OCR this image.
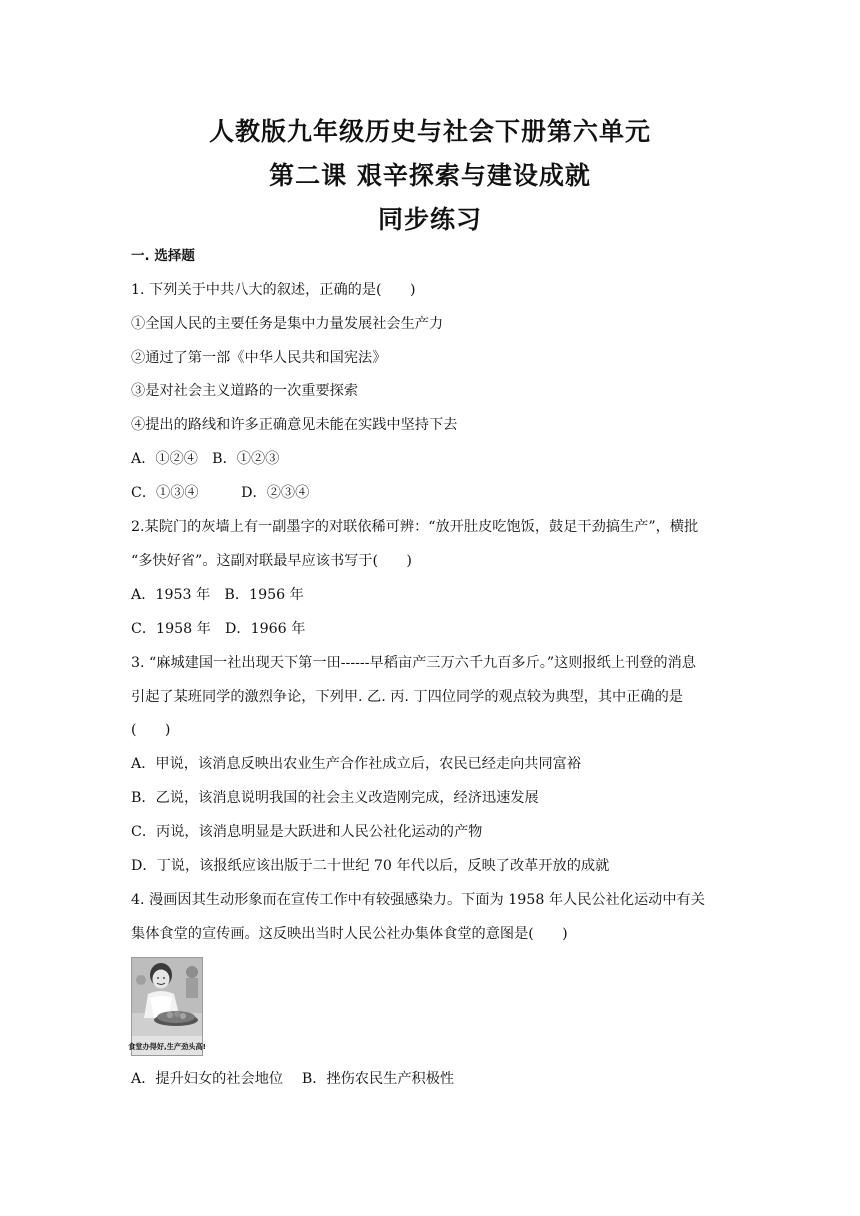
人教版九年级历史与社会下册第六单元
第二课 艰辛探索与建设成就
同步练习
一. 选择题
1. 下列关于中共八大的叙述，正确的是(　　)
①全国人民的主要任务是集中力量发展社会生产力
②通过了第一部《中华人民共和国宪法》
③是对社会主义道路的一次重要探索
④提出的路线和许多正确意见未能在实践中坚持下去
A．①②④　B．①②③
C．①③④　　　D．②③④
2.某院门的灰墙上有一副墨字的对联依稀可辨：“放开肚皮吃饱饭，鼓足干劲搞生产”，横批
“多快好省”。这副对联最早应该书写于(　　)
A．1953 年　B．1956 年
C．1958 年　D．1966 年
3. “麻城建国一社出现天下第一田------早稻亩产三万六千九百多斤。”这则报纸上刊登的消息
引起了某班同学的激烈争论，下列甲. 乙. 丙. 丁四位同学的观点较为典型，其中正确的是
(　　)
A．甲说，该消息反映出农业生产合作社成立后，农民已经走向共同富裕
B．乙说，该消息说明我国的社会主义改造刚完成，经济迅速发展
C．丙说，该消息明显是大跃进和人民公社化运动的产物
D．丁说，该报纸应该出版于二十世纪 70 年代以后，反映了改革开放的成就
4. 漫画因其生动形象而在宣传工作中有较强感染力。下面为 1958 年人民公社化运动中有关
集体食堂的宣传画。这反映出当时人民公社办集体食堂的意图是(　　)
食堂办得好,生产劲头高!
A．提升妇女的社会地位　 B．挫伤农民生产积极性
